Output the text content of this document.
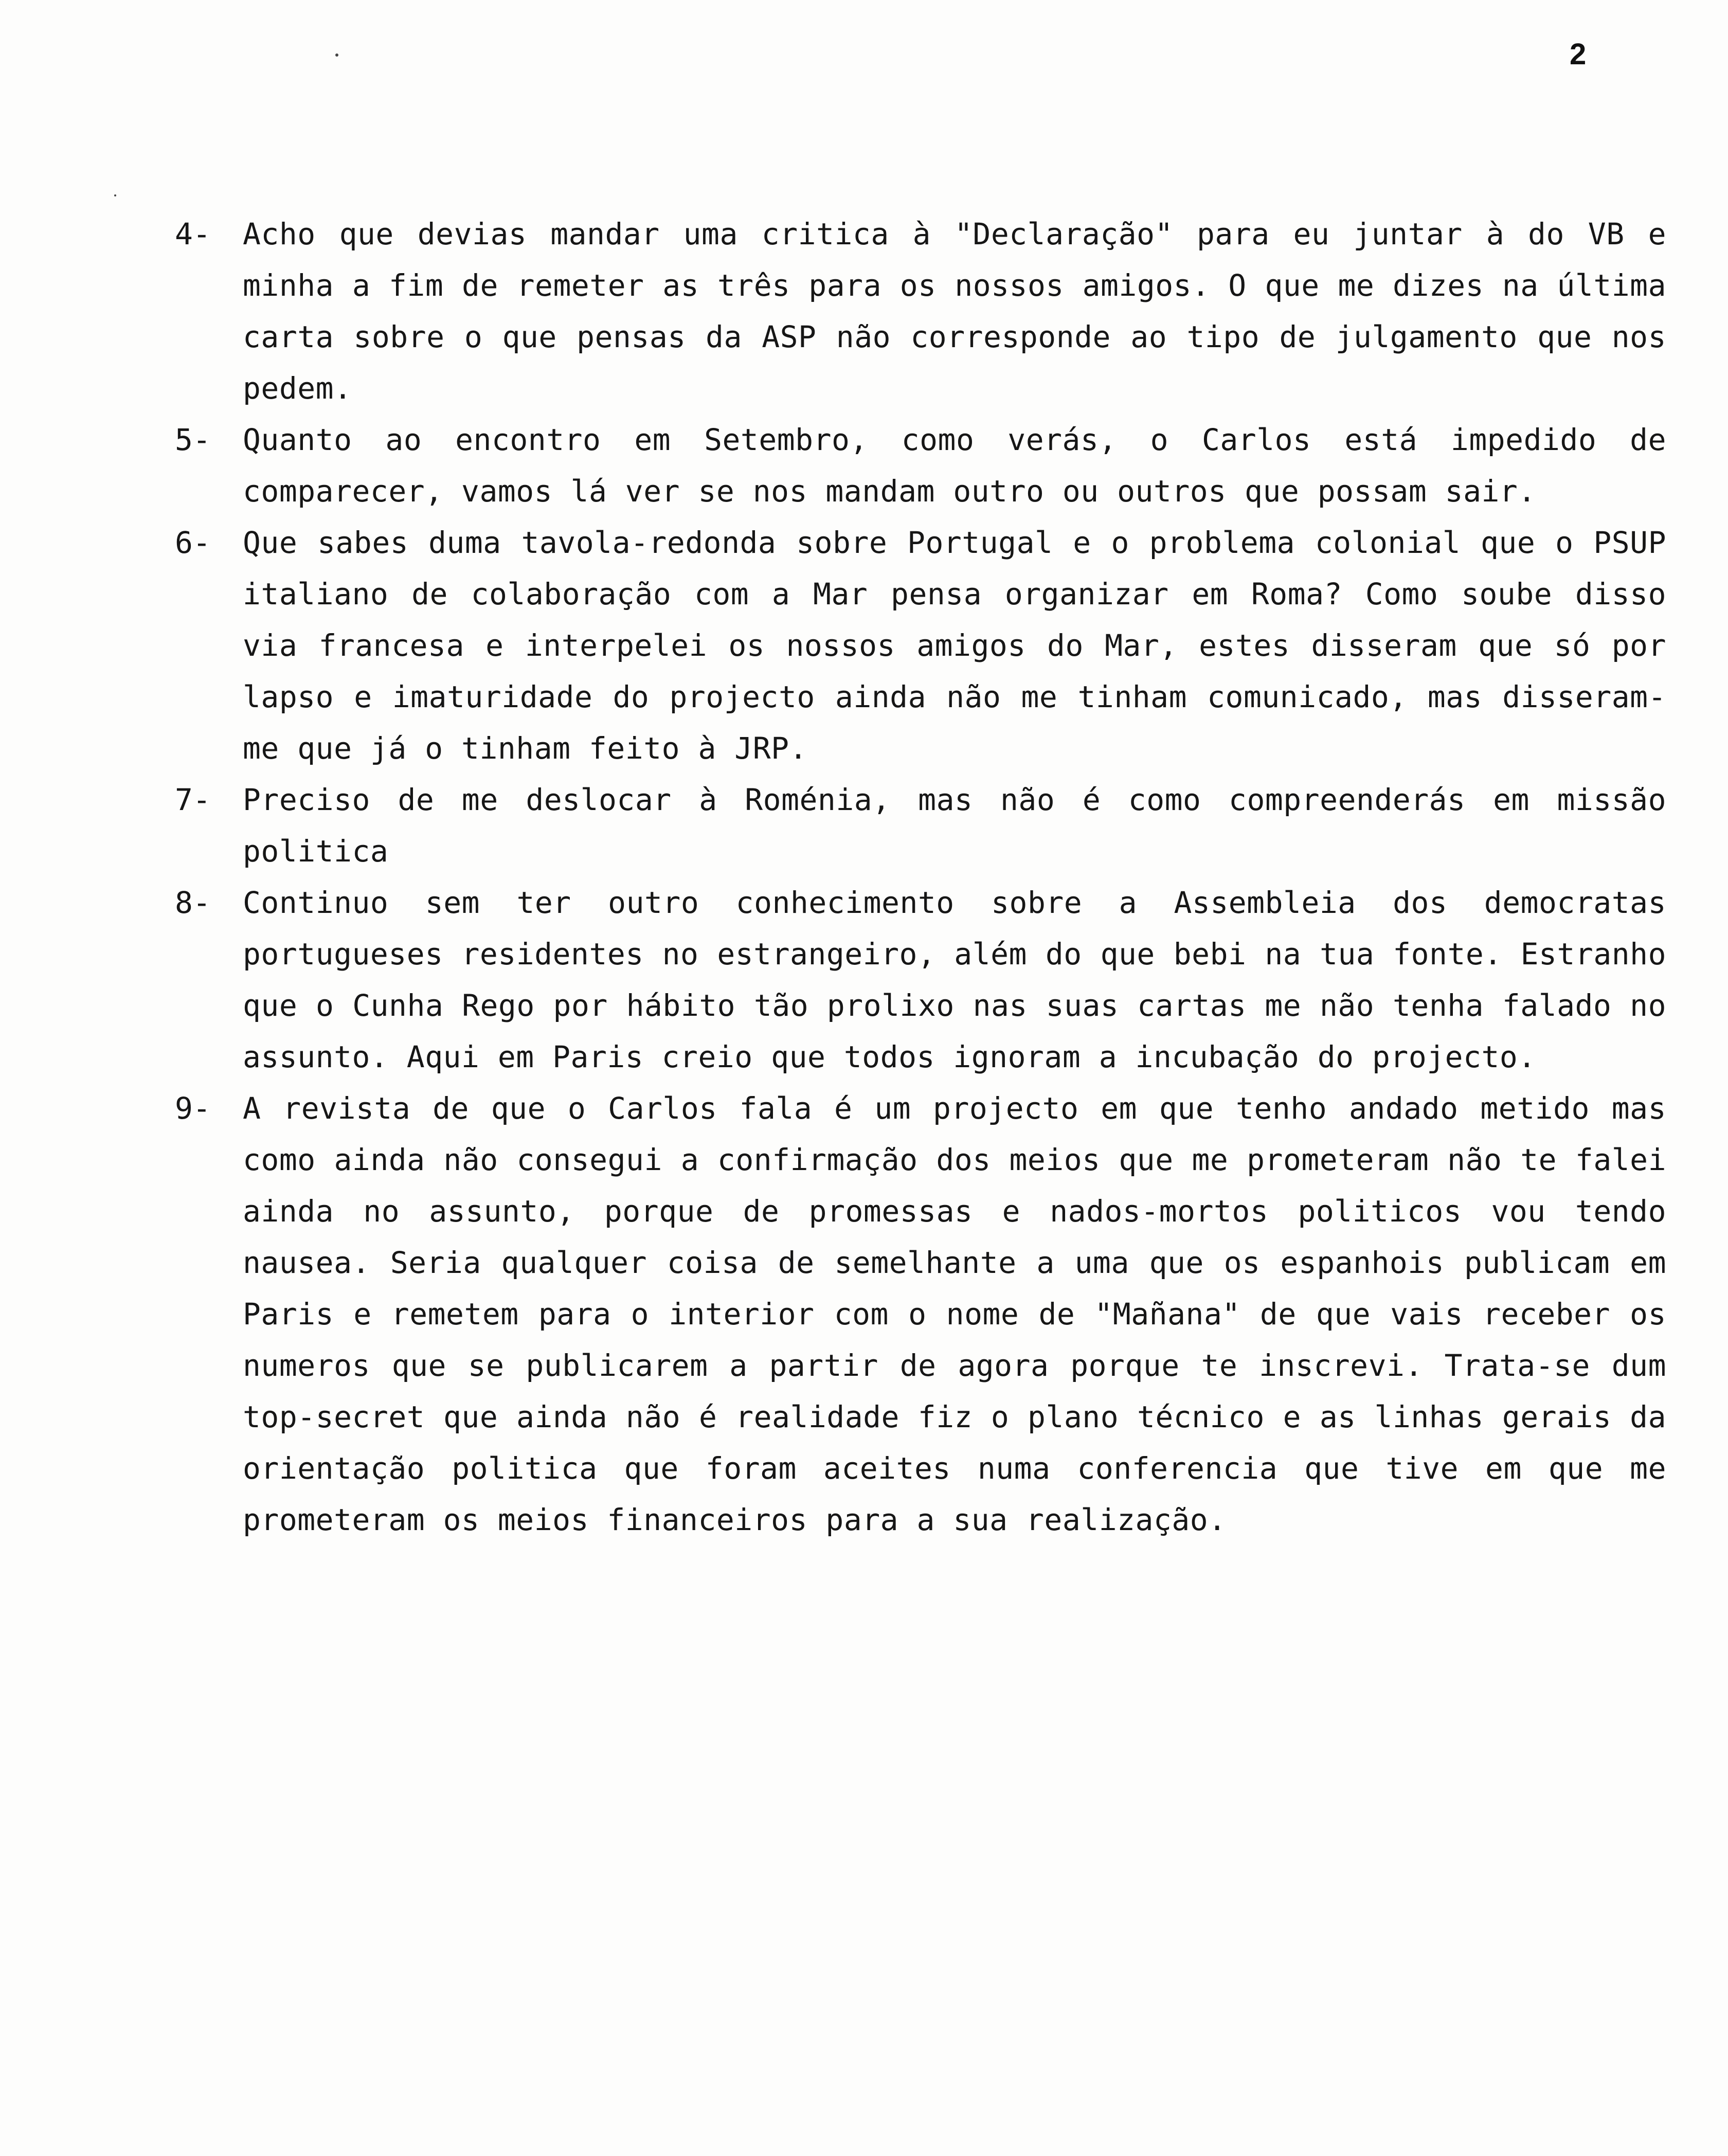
2
4-	Acho que devias mandar uma critica à "Declaração" para eu juntar à do VB e minha a fim de remeter as três para os nossos amigos. O que me dizes na última carta sobre o que pensas da ASP não corresponde ao tipo de julgamento que nos pedem.
5-	Quanto ao encontro em Setembro, como verás, o Carlos está impedido de comparecer, vamos lá ver se nos mandam outro ou outros que possam sair.
6-	Que sabes duma tavola-redonda sobre Portugal e o problema colonial que o PSUP italiano de colaboração com a Mar pensa organizar em Roma? Como soube disso via francesa e interpelei os nossos amigos do Mar, estes disseram que só por lapso e imaturidade do projecto ainda não me tinham comunicado, mas disseram-me que já o tinham feito à JRP.
7-	Preciso de me deslocar à Roménia, mas não é como compreenderás em missão politica
8-	Continuo sem ter outro conhecimento sobre a Assembleia dos democratas portugueses residentes no estrangeiro, além do que bebi na tua fonte. Estranho que o Cunha Rego por hábito tão prolixo nas suas cartas me não tenha falado no assunto. Aqui em Paris creio que todos ignoram a incubação do projecto.
9-	A revista de que o Carlos fala é um projecto em que tenho andado metido mas como ainda não consegui a confirmação dos meios que me prometeram não te falei ainda no assunto, porque de promessas e nados-mortos politicos vou tendo nausea. Seria qualquer coisa de semelhante a uma que os espanhois publicam em Paris e remetem para o interior com o nome de "Mañana" de que vais receber os numeros que se publicarem a partir de agora porque te inscrevi. Trata-se dum top-secret que ainda não é realidade fiz o plano técnico e as linhas gerais da orientação politica que foram aceites numa conferencia que tive em que me prometeram os meios financeiros para a sua realização.
